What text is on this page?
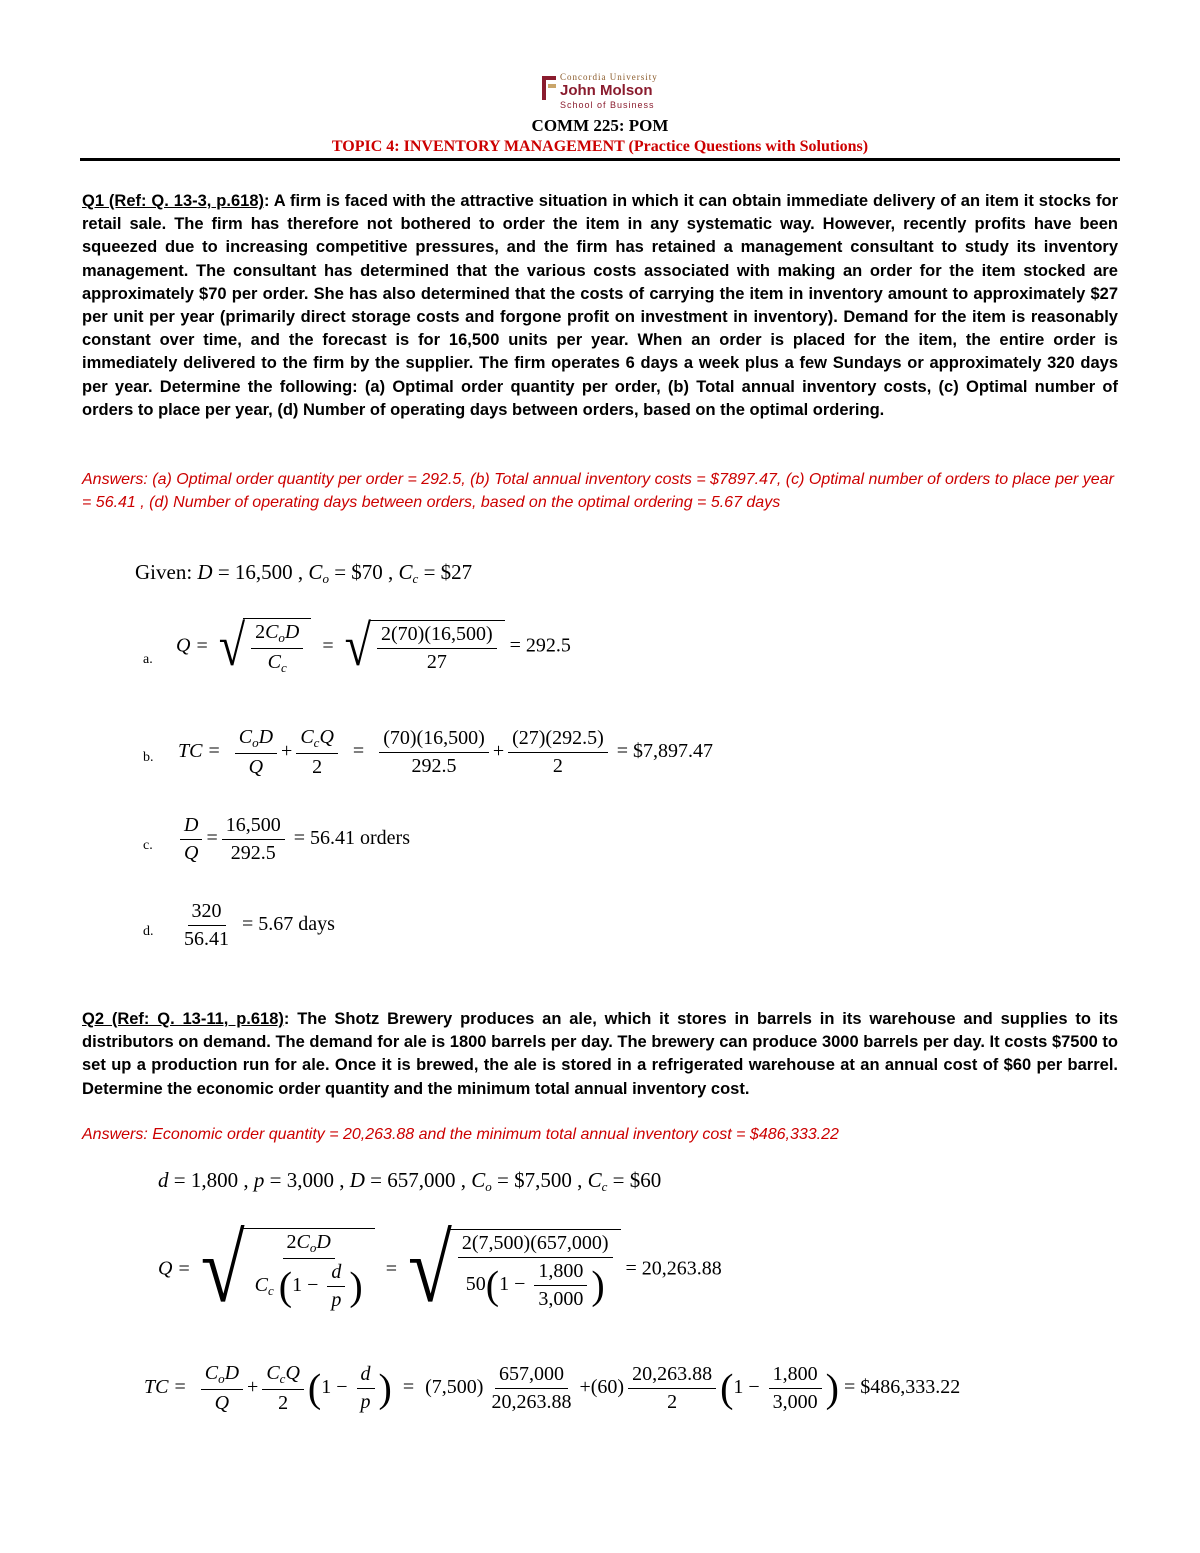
Concordia University
John Molson
School of Business
COMM 225: POM
TOPIC 4: INVENTORY MANAGEMENT (Practice Questions with Solutions)
Q1 (Ref: Q. 13-3, p.618): A firm is faced with the attractive situation in which it can obtain immediate delivery of an item it stocks for retail sale. The firm has therefore not bothered to order the item in any systematic way. However, recently profits have been squeezed due to increasing competitive pressures, and the firm has retained a management consultant to study its inventory management. The consultant has determined that the various costs associated with making an order for the item stocked are approximately $70 per order. She has also determined that the costs of carrying the item in inventory amount to approximately $27 per unit per year (primarily direct storage costs and forgone profit on investment in inventory). Demand for the item is reasonably constant over time, and the forecast is for 16,500 units per year. When an order is placed for the item, the entire order is immediately delivered to the firm by the supplier. The firm operates 6 days a week plus a few Sundays or approximately 320 days per year. Determine the following: (a) Optimal order quantity per order, (b) Total annual inventory costs, (c) Optimal number of orders to place per year, (d) Number of operating days between orders, based on the optimal ordering.
Answers: (a) Optimal order quantity per order = 292.5, (b) Total annual inventory costs = $7897.47, (c) Optimal number of orders to place per year = 56.41 , (d) Number of operating days between orders, based on the optimal ordering = 5.67 days
Given: D = 16,500 , $C_o$ = $70 , $C_c$ = $27
a.
Q = √ $\frac{2C_oD}{C_c}$ = √ $\frac{2(70)(16,500)}{27} = 292.5$
b. TC = $\frac{C_oD}{Q} + \frac{C_cQ}{2} = \frac{(70)(16,500)}{292.5} + \frac{(27)(292.5)}{2}$ = $7,897.47
c. $\frac{D}{Q} = \frac{16,500}{292.5} = 56.41$ orders
d. $\frac{320}{56.41} = 5.67$ days
Q2 (Ref: Q. 13-11, p.618): The Shotz Brewery produces an ale, which it stores in barrels in its warehouse and supplies to its distributors on demand. The demand for ale is 1800 barrels per day. The brewery can produce 3000 barrels per day. It costs $7500 to set up a production run for ale. Once it is brewed, the ale is stored in a refrigerated warehouse at an annual cost of $60 per barrel. Determine the economic order quantity and the minimum total annual inventory cost.
Answers: Economic order quantity = 20,263.88 and the minimum total annual inventory cost = $486,333.22
d = 1,800 , p = 3,000 , D = 657,000 , $C_o$ = $7,500 , $C_c$ = $60
Q = √ $\frac{2C_oD}{C_c (1 - \frac{d}{p} )}$ = √ $\frac{2(7,500)(657,000)}{50(1 - \frac{1,800}{3,000} )} = 20,263.88$
TC = $\frac{C_oD}{Q} + \frac{C_cQ}{2} (1 - \frac{d}{p}$ ) = $(7,500) \frac{657,000}{20,263.88} +(60) \frac{20,263.88}{2} (1 - \frac{1,800}{3,000}$ ) = $486,333.22
